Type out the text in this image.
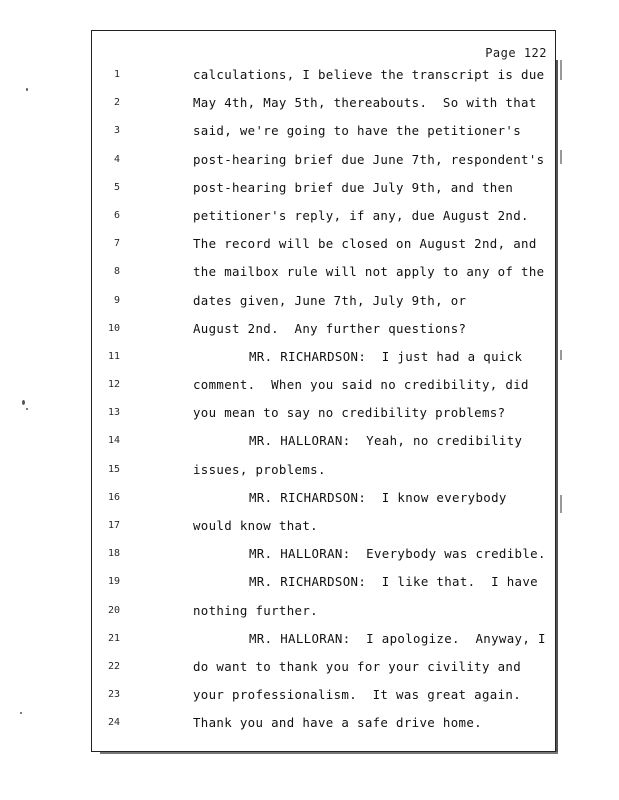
Page 122
1	calculations, I believe the transcript is due
2	May 4th, May 5th, thereabouts.  So with that
3	said, we're going to have the petitioner's
4	post-hearing brief due June 7th, respondent's
5	post-hearing brief due July 9th, and then
6	petitioner's reply, if any, due August 2nd.
7	The record will be closed on August 2nd, and
8	the mailbox rule will not apply to any of the
9	dates given, June 7th, July 9th, or
10	August 2nd.  Any further questions?
11	MR. RICHARDSON:  I just had a quick
12	comment.  When you said no credibility, did
13	you mean to say no credibility problems?
14	MR. HALLORAN:  Yeah, no credibility
15	issues, problems.
16	MR. RICHARDSON:  I know everybody
17	would know that.
18	MR. HALLORAN:  Everybody was credible.
19	MR. RICHARDSON:  I like that.  I have
20	nothing further.
21	MR. HALLORAN:  I apologize.  Anyway, I
22	do want to thank you for your civility and
23	your professionalism.  It was great again.
24	Thank you and have a safe drive home.
